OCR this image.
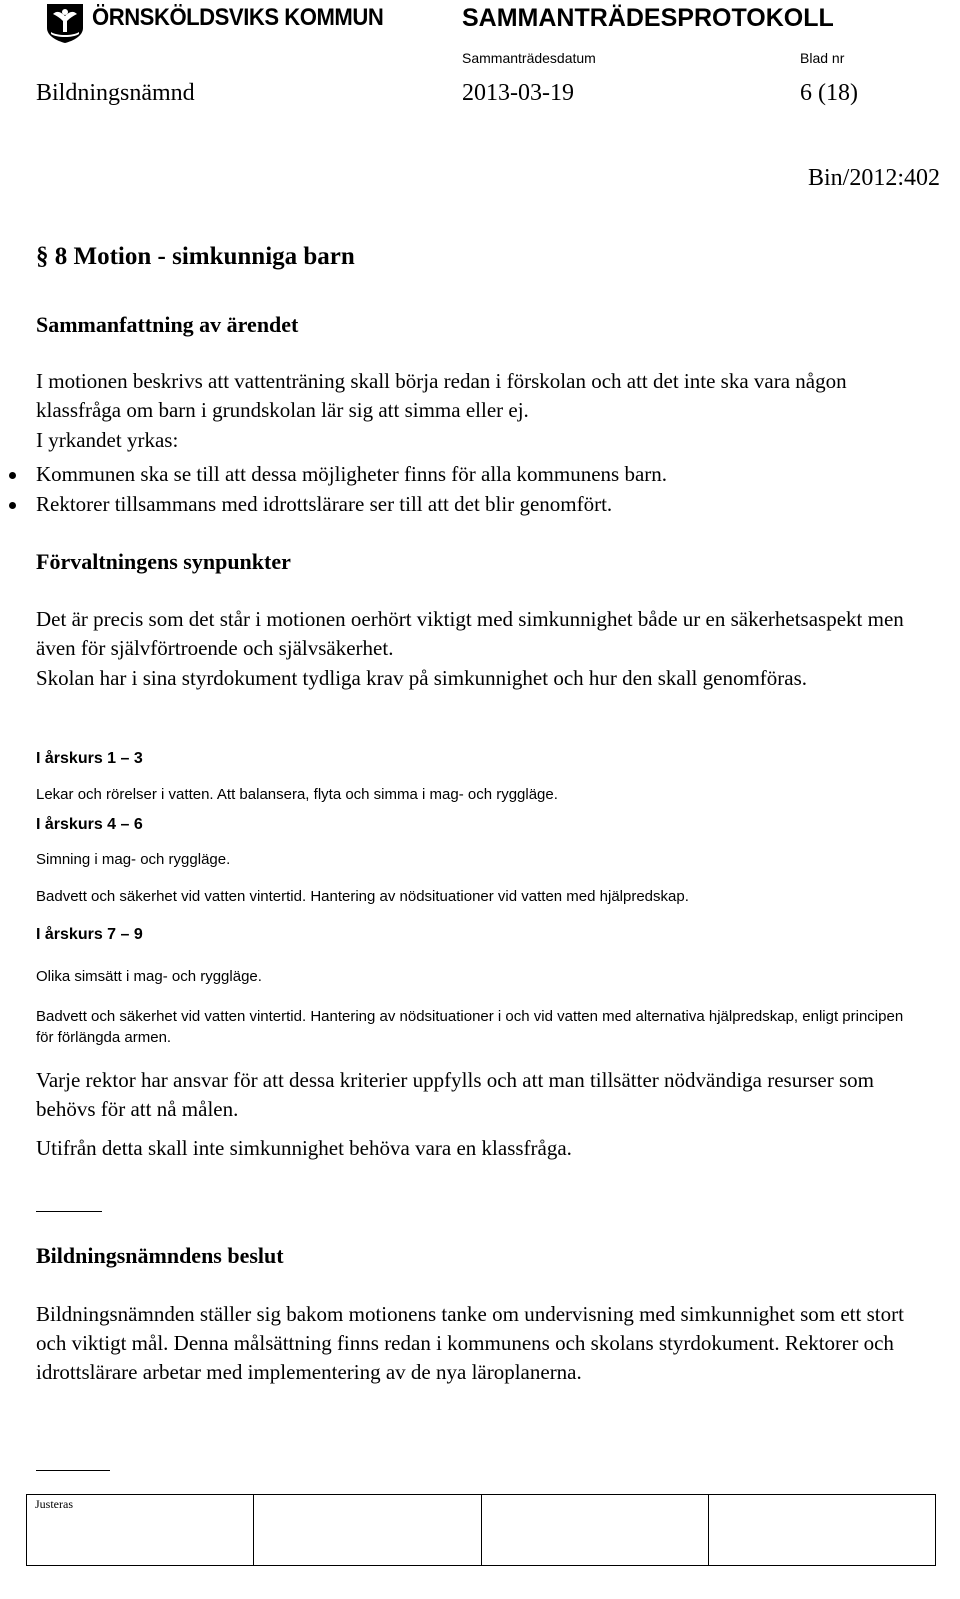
ÖRNSKÖLDSVIKS KOMMUN	SAMMANTRÄDESPROTOKOLL
Sammanträdesdatum	Blad nr
Bildningsnämnd	2013-03-19	6 (18)
Bin/2012:402
§ 8 Motion - simkunniga barn
Sammanfattning av ärendet
I motionen beskrivs att vattenträning skall börja redan i förskolan och att det inte ska vara någon klassfråga om barn i grundskolan lär sig att simma eller ej.
I yrkandet yrkas:
Kommunen ska se till att dessa möjligheter finns för alla kommunens barn.
Rektorer tillsammans med idrottslärare ser till att det blir genomfört.
Förvaltningens synpunkter
Det är precis som det står i motionen oerhört viktigt med simkunnighet både ur en säkerhetsaspekt men även för självförtroende och självsäkerhet.
Skolan har i sina styrdokument tydliga krav på simkunnighet och hur den skall genomföras.
I årskurs 1 – 3
Lekar och rörelser i vatten. Att balansera, flyta och simma i mag- och ryggläge.
I årskurs 4 – 6
Simning i mag- och ryggläge.
Badvett och säkerhet vid vatten vintertid. Hantering av nödsituationer vid vatten med hjälpredskap.
I årskurs 7 – 9
Olika simsätt i mag- och ryggläge.
Badvett och säkerhet vid vatten vintertid. Hantering av nödsituationer i och vid vatten med alternativa hjälpredskap, enligt principen för förlängda armen.
Varje rektor har ansvar för att dessa kriterier uppfylls och att man tillsätter nödvändiga resurser som behövs för att nå målen.
Utifrån detta skall inte simkunnighet behöva vara en klassfråga.
Bildningsnämndens beslut
Bildningsnämnden ställer sig bakom motionens tanke om undervisning med simkunnighet som ett stort och viktigt mål. Denna målsättning finns redan i kommunens och skolans styrdokument. Rektorer och idrottslärare arbetar med implementering av de nya läroplanerna.
Justeras			
